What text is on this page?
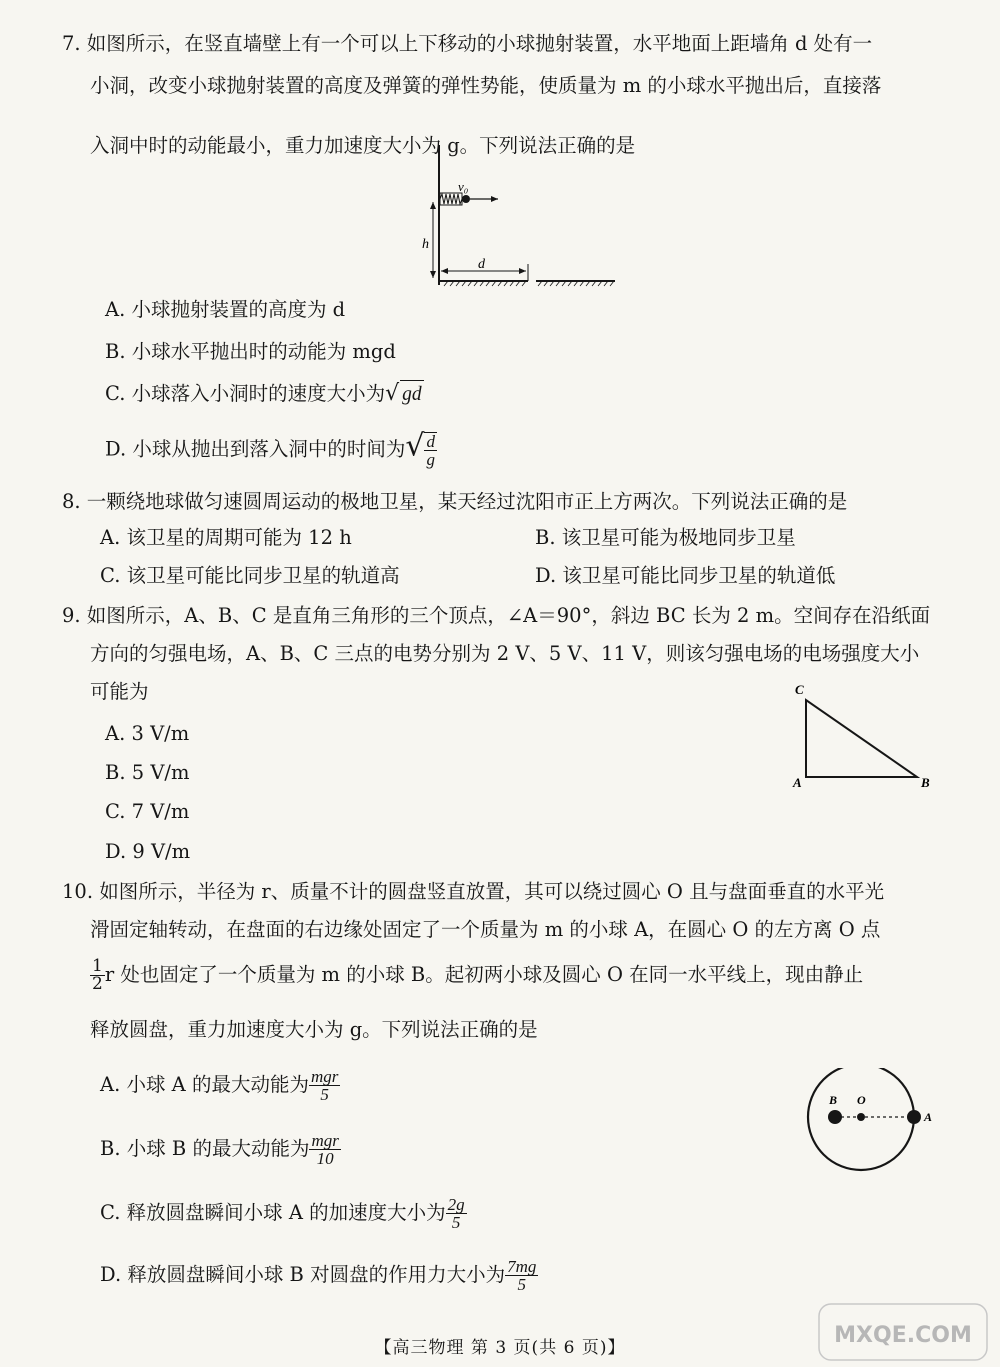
7. 如图所示，在竖直墙壁上有一个可以上下移动的小球抛射装置，水平地面上距墙角 d 处有一
小洞，改变小球抛射装置的高度及弹簧的弹性势能，使质量为 m 的小球水平抛出后，直接落
入洞中时的动能最小，重力加速度大小为 g。下列说法正确的是
v₀
h
d
A. 小球抛射装置的高度为 d
B. 小球水平抛出时的动能为 mgd
C. 小球落入小洞时的速度大小为√ gd
D. 小球从抛出到落入洞中的时间为√ $\frac{d}{g}$
8. 一颗绕地球做匀速圆周运动的极地卫星，某天经过沈阳市正上方两次。下列说法正确的是
A. 该卫星的周期可能为 12 h	B. 该卫星可能为极地同步卫星
C. 该卫星可能比同步卫星的轨道高	D. 该卫星可能比同步卫星的轨道低
9. 如图所示，A、B、C 是直角三角形的三个顶点，∠A＝90°，斜边 BC 长为 2 m。空间存在沿纸面
方向的匀强电场，A、B、C 三点的电势分别为 2 V、5 V、11 V，则该匀强电场的电场强度大小
可能为
A. 3 V/m
B. 5 V/m
C. 7 V/m
D. 9 V/m
C
A	B
10. 如图所示，半径为 r、质量不计的圆盘竖直放置，其可以绕过圆心 O 且与盘面垂直的水平光
滑固定轴转动，在盘面的右边缘处固定了一个质量为 m 的小球 A，在圆心 O 的左方离 O 点
$\frac{1}{2}$ r 处也固定了一个质量为 m 的小球 B。起初两小球及圆心 O 在同一水平线上，现由静止
释放圆盘，重力加速度大小为 g。下列说法正确的是
A. 小球 A 的最大动能为 $\frac{\text{mgr}}{5}$
B. 小球 B 的最大动能为 $\frac{\text{mgr}}{10}$
C. 释放圆盘瞬间小球 A 的加速度大小为 $\frac{2g}{5}$
D. 释放圆盘瞬间小球 B 对圆盘的作用力大小为 $\frac{7mg}{5}$
B O
A
【高三物理 第 3 页(共 6 页)】	MXQE.COM
